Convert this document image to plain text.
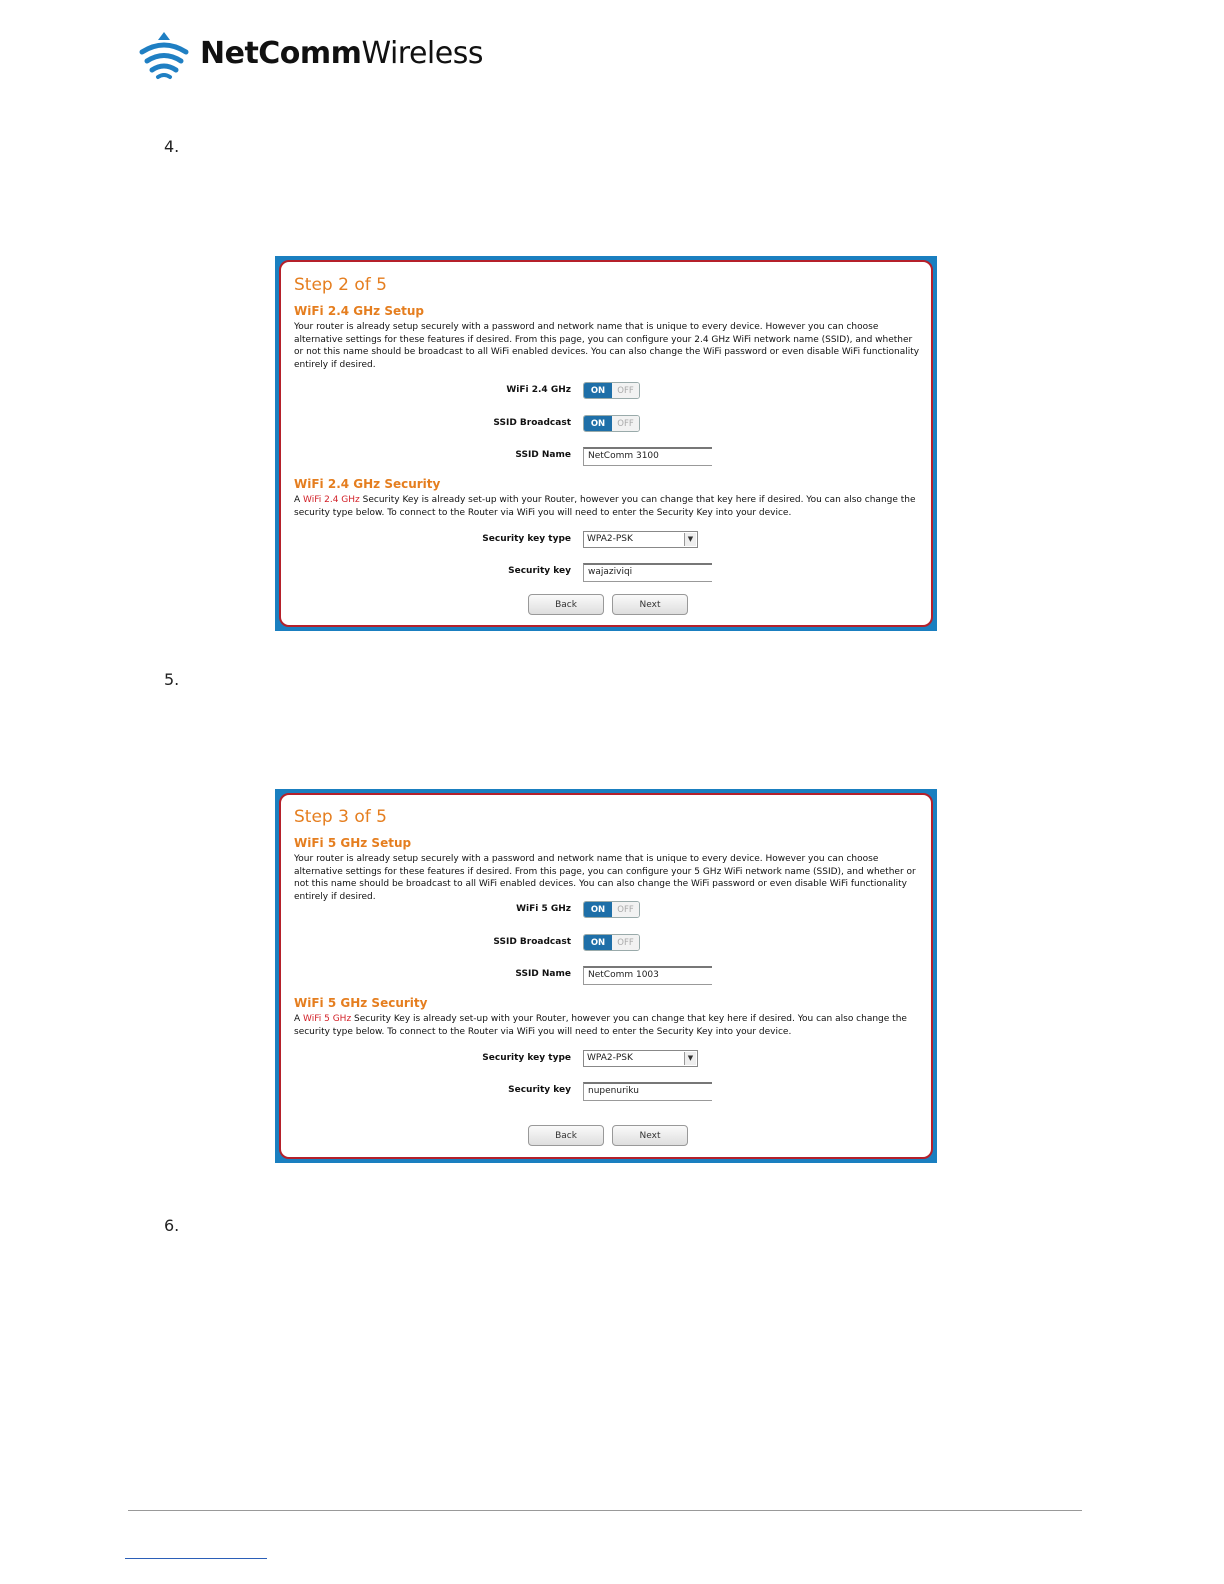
NetCommWireless
4.
Step 2 of 5
WiFi 2.4 GHz Setup
Your router is already setup securely with a password and network name that is unique to every device. However you can choose alternative settings for these features if desired. From this page, you can configure your 2.4 GHz WiFi network name (SSID), and whether or not this name should be broadcast to all WiFi enabled devices. You can also change the WiFi password or even disable WiFi functionality entirely if desired.
WiFi 2.4 GHz	ON	OFF
SSID Broadcast	ON	OFF
SSID Name	NetComm 3100
WiFi 2.4 GHz Security
A WiFi 2.4 GHz Security Key is already set-up with your Router, however you can change that key here if desired. You can also change the security type below. To connect to the Router via WiFi you will need to enter the Security Key into your device.
Security key type	WPA2-PSK	▼
Security key	wajaziviqi
Back	Next
5.
Step 3 of 5
WiFi 5 GHz Setup
Your router is already setup securely with a password and network name that is unique to every device. However you can choose alternative settings for these features if desired. From this page, you can configure your 5 GHz WiFi network name (SSID), and whether or not this name should be broadcast to all WiFi enabled devices. You can also change the WiFi password or even disable WiFi functionality entirely if desired.
WiFi 5 GHz	ON	OFF
SSID Broadcast	ON	OFF
SSID Name	NetComm 1003
WiFi 5 GHz Security
A WiFi 5 GHz Security Key is already set-up with your Router, however you can change that key here if desired. You can also change the security type below. To connect to the Router via WiFi you will need to enter the Security Key into your device.
Security key type	WPA2-PSK	▼
Security key	nupenuriku
Back	Next
6.
